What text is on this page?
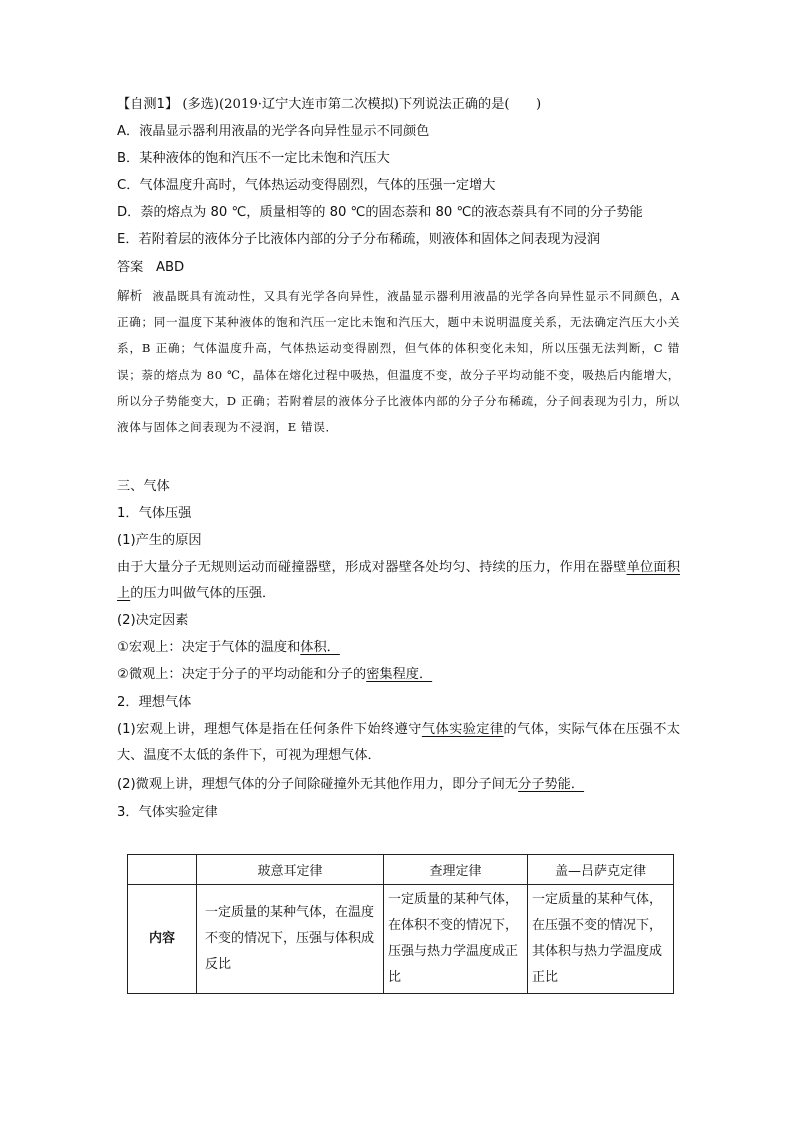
【自测1】 (多选)(2019·辽宁大连市第二次模拟)下列说法正确的是(　　)
A．液晶显示器利用液晶的光学各向异性显示不同颜色
B．某种液体的饱和汽压不一定比未饱和汽压大
C．气体温度升高时，气体热运动变得剧烈，气体的压强一定增大
D．萘的熔点为 80 ℃，质量相等的 80 ℃的固态萘和 80 ℃的液态萘具有不同的分子势能
E．若附着层的液体分子比液体内部的分子分布稀疏，则液体和固体之间表现为浸润
答案 ABD
解析 液晶既具有流动性，又具有光学各向异性，液晶显示器利用液晶的光学各向异性显示不同颜色，A 正确；同一温度下某种液体的饱和汽压一定比未饱和汽压大，题中未说明温度关系，无法确定汽压大小关系，B 正确；气体温度升高，气体热运动变得剧烈，但气体的体积变化未知，所以压强无法判断，C 错误；萘的熔点为 80 ℃，晶体在熔化过程中吸热，但温度不变，故分子平均动能不变，吸热后内能增大，所以分子势能变大，D 正确；若附着层的液体分子比液体内部的分子分布稀疏，分子间表现为引力，所以液体与固体之间表现为不浸润，E 错误．
三、气体
1．气体压强
(1)产生的原因
由于大量分子无规则运动而碰撞器壁，形成对器壁各处均匀、持续的压力，作用在器壁单位面积上的压力叫做气体的压强．
(2)决定因素
①宏观上：决定于气体的温度和体积．
②微观上：决定于分子的平均动能和分子的密集程度．
2．理想气体
(1)宏观上讲，理想气体是指在任何条件下始终遵守气体实验定律的气体，实际气体在压强不太大、温度不太低的条件下，可视为理想气体．
(2)微观上讲，理想气体的分子间除碰撞外无其他作用力，即分子间无分子势能．
3．气体实验定律
	玻意耳定律	查理定律	盖—吕萨克定律
内容	一定质量的某种气体，在温度不变的情况下，压强与体积成反比	一定质量的某种气体，在体积不变的情况下，压强与热力学温度成正比	一定质量的某种气体，在压强不变的情况下，其体积与热力学温度成正比
